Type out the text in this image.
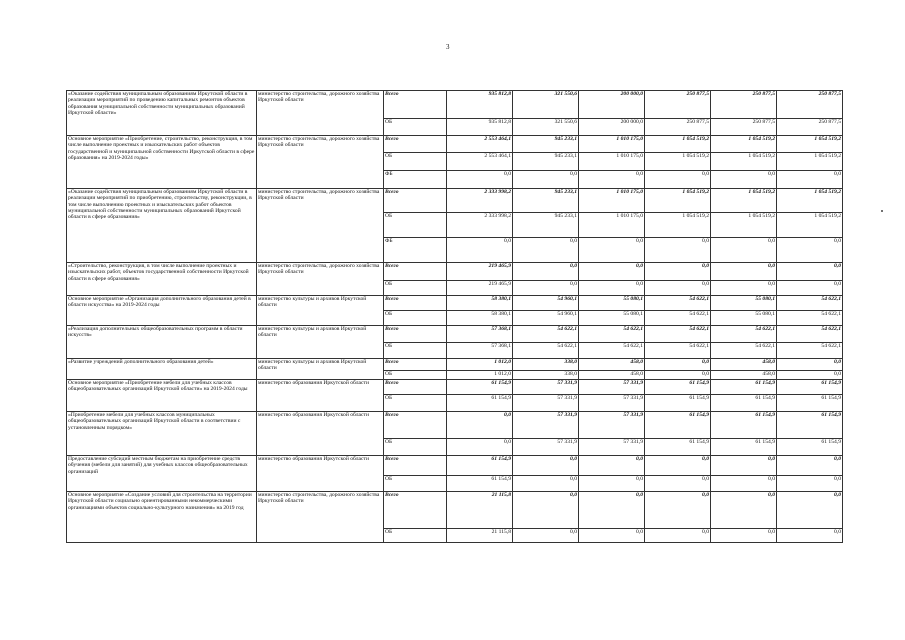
3
«Оказание содействия муниципальным образованиям Иркутской области в реализации мероприятий по проведению капитальных ремонтов объектов образования муниципальной собственности муниципальных образований Иркутской области»	министерство строительства, дорожного хозяйства Иркутской области	Всего	935 812,8	321 550,6	200 000,0	250 877,5	250 877,5	250 877,5
		ОБ	935 812,8	321 550,6	200 000,0	250 877,5	250 877,5	250 877,5
Основное мероприятие «Приобретение, строительство, реконструкция, в том числе выполнение проектных и изыскательских работ объектов государственной и муниципальной собственности Иркутской области в сфере образования» на 2019-2024 годы»	министерство строительства, дорожного хозяйства Иркутской области	Всего	2 553 464,1	945 233,1	1 010 175,0	1 054 519,2	1 054 519,2	1 054 519,2
		ОБ	2 553 464,1	945 233,1	1 010 175,0	1 054 519,2	1 054 519,2	1 054 519,2
		ФБ	0,0	0,0	0,0	0,0	0,0	0,0
«Оказание содействия муниципальным образованиям Иркутской области в реализации мероприятий по приобретению, строительству, реконструкции, в том числе выполнению проектных и изыскательских работ объектов муниципальной собственности муниципальных образований Иркутской области в сфере образования»	министерство строительства, дорожного хозяйства Иркутской области	Всего	2 333 998,2	945 233,1	1 010 175,0	1 054 519,2	1 054 519,2	1 054 519,2
		ОБ	2 333 998,2	945 233,1	1 010 175,0	1 054 519,2	1 054 519,2	1 054 519,2
		ФБ	0,0	0,0	0,0	0,0	0,0	0,0
«Строительство, реконструкция, в том числе выполнение проектных и изыскательских работ, объектов государственной собственности Иркутской области в сфере образования»	министерство строительства, дорожного хозяйства Иркутской области	Всего	219 465,9	0,0	0,0	0,0	0,0	0,0
		ОБ	219 465,9	0,0	0,0	0,0	0,0	0,0
Основное мероприятие «Организация дополнительного образования детей в области искусства» на 2019-2024 годы	министерство культуры и архивов Иркутской области	Всего	58 380,1	54 960,1	55 080,1	54 622,1	55 080,1	54 622,1
		ОБ	58 380,1	54 960,1	55 080,1	54 622,1	55 080,1	54 622,1
«Реализация дополнительных общеобразовательных программ в области искусств»	министерство культуры и архивов Иркутской области	Всего	57 368,1	54 622,1	54 622,1	54 622,1	54 622,1	54 622,1
		ОБ	57 368,1	54 622,1	54 622,1	54 622,1	54 622,1	54 622,1
«Развитие учреждений дополнительного образования детей»	министерство культуры и архивов Иркутской области	Всего	1 012,0	338,0	458,0	0,0	458,0	0,0
		ОБ	1 012,0	338,0	458,0	0,0	458,0	0,0
Основное мероприятие «Приобретение мебели для учебных классов общеобразовательных организаций Иркутской области» на 2019-2024 годы	министерство образования Иркутской области	Всего	61 154,9	57 331,9	57 331,9	61 154,9	61 154,9	61 154,9
		ОБ	61 154,9	57 331,9	57 331,9	61 154,9	61 154,9	61 154,9
«Приобретение мебели для учебных классов муниципальных общеобразовательных организаций Иркутской области в соответствии с установленным порядком»	министерство образования Иркутской области	Всего	0,0	57 331,9	57 331,9	61 154,9	61 154,9	61 154,9
		ОБ	0,0	57 331,9	57 331,9	61 154,9	61 154,9	61 154,9
Предоставление субсидий местным бюджетам на приобретение средств обучения (мебели для занятий) для учебных классов общеобразовательных организаций	министерство образования Иркутской области	Всего	61 154,9	0,0	0,0	0,0	0,0	0,0
		ОБ	61 154,9	0,0	0,0	0,0	0,0	0,0
Основное мероприятие «Создание условий для строительства на территории Иркутской области социально ориентированными некоммерческими организациями объектов социально-культурного назначения» на 2019 год	министерство строительства, дорожного хозяйства Иркутской области	Всего	21 115,8	0,0	0,0	0,0	0,0	0,0
		ОБ	21 115,8	0,0	0,0	0,0	0,0	0,0
